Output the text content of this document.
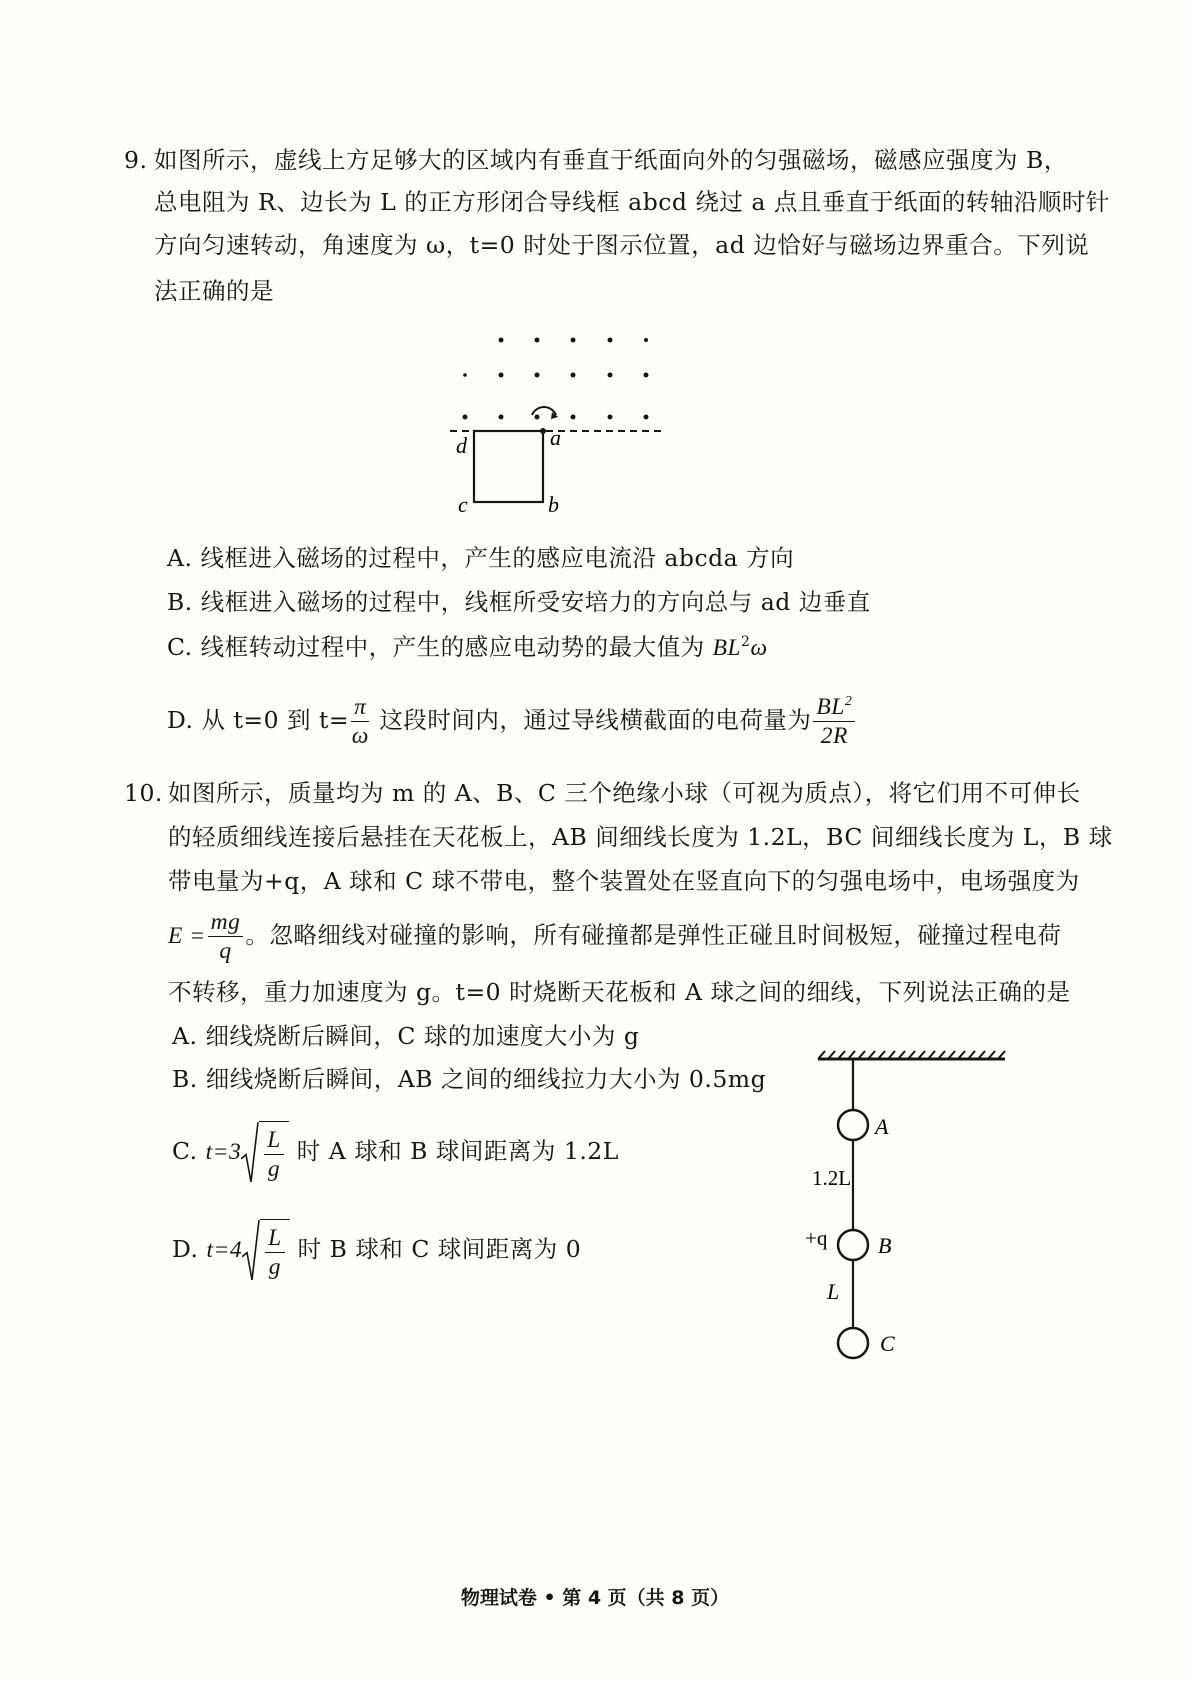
9. 如图所示，虚线上方足够大的区域内有垂直于纸面向外的匀强磁场，磁感应强度为 B，
总电阻为 R、边长为 L 的正方形闭合导线框 abcd 绕过 a 点且垂直于纸面的转轴沿顺时针
方向匀速转动，角速度为 ω，t=0 时处于图示位置，ad 边恰好与磁场边界重合。下列说
法正确的是
d	a
c	b
A. 线框进入磁场的过程中，产生的感应电流沿 abcda 方向
B. 线框进入磁场的过程中，线框所受安培力的方向总与 ad 边垂直
C. 线框转动过程中，产生的感应电动势的最大值为 $BL^2\omega$
D. 从 t=0 到 $t= \frac{\pi}{\omega}$ 这段时间内，通过导线横截面的电荷量为 $\frac{BL^2}{2R}$
10. 如图所示，质量均为 m 的 A、B、C 三个绝缘小球（可视为质点），将它们用不可伸长
的轻质细线连接后悬挂在天花板上，AB 间细线长度为 1.2L，BC 间细线长度为 L，B 球
带电量为+q，A 球和 C 球不带电，整个装置处在竖直向下的匀强电场中，电场强度为
$E = \frac{mg}{q}$ 。忽略细线对碰撞的影响，所有碰撞都是弹性正碰且时间极短，碰撞过程电荷
不转移，重力加速度为 g。t=0 时烧断天花板和 A 球之间的细线，下列说法正确的是
A. 细线烧断后瞬间，C 球的加速度大小为 g
B. 细线烧断后瞬间，AB 之间的细线拉力大小为 0.5mg
C. $t=3 \frac{L}{g}$ 时 A 球和 B 球间距离为 1.2L
D. $t=4 \frac{L}{g}$ 时 B 球和 C 球间距离为 0
A
1.2L
+q B
L
C
物理试卷 • 第 4 页（共 8 页）
